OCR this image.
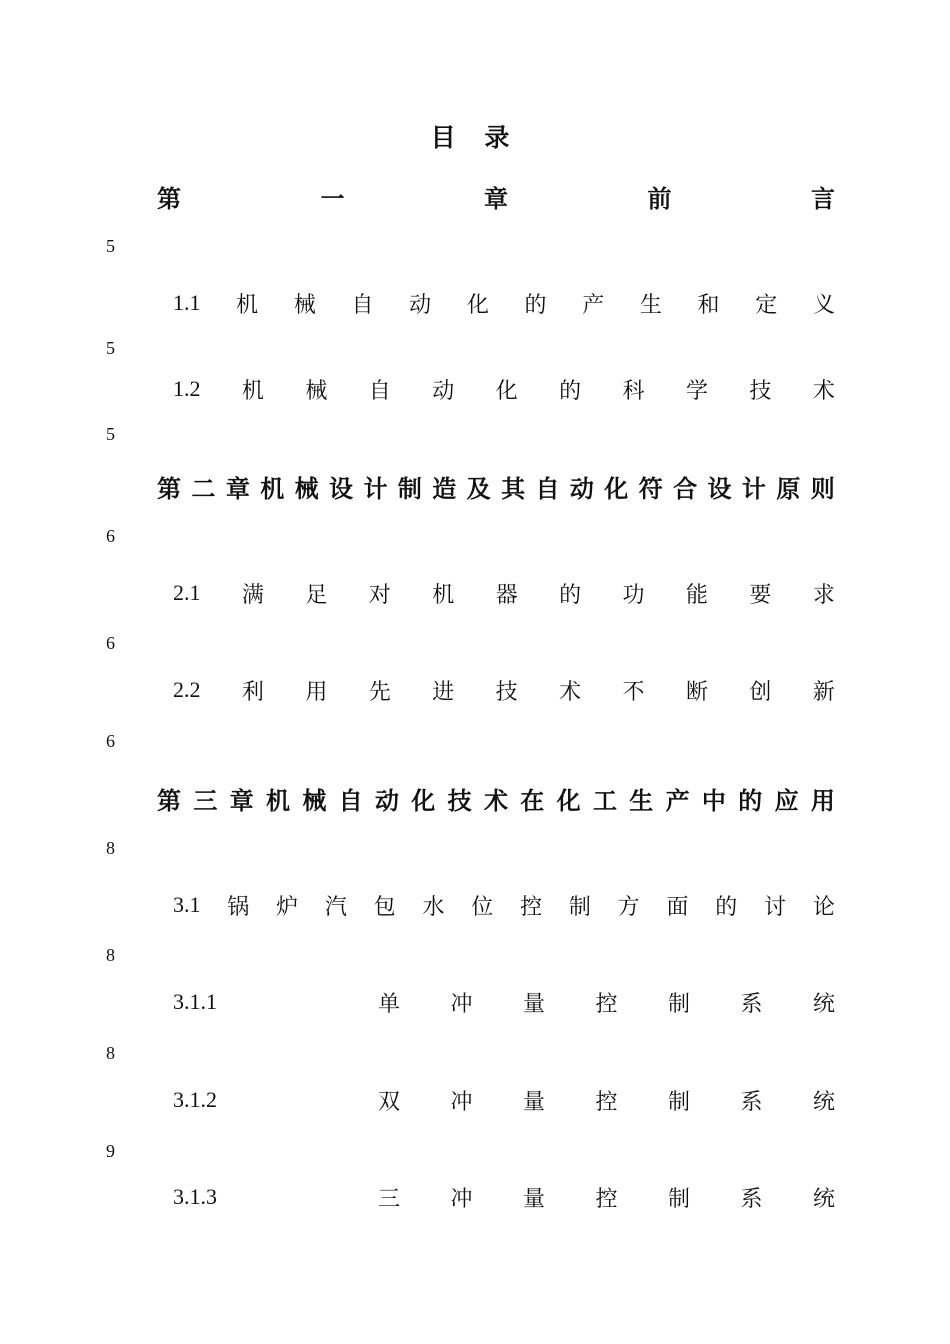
目 录
第	一	章	前	言
5
1.1 机 械 自 动 化 的 产 生 和 定 义
5
1.2 机 械 自 动 化 的 科 学 技 术
5
第 二 章 机 械 设 计 制 造 及 其 自 动 化 符 合 设 计 原 则
6
2.1 满 足 对 机 器 的 功 能 要 求
6
2.2 利 用 先 进 技 术 不 断 创 新
6
第 三 章 机 械 自 动 化 技 术 在 化 工 生 产 中 的 应 用
8
3.1 锅 炉 汽 包 水 位 控 制 方 面 的 讨 论
8
3.1.1	单 冲 量 控 制 系 统
8
3.1.2	双 冲 量 控 制 系 统
9
3.1.3	三 冲 量 控 制 系 统
